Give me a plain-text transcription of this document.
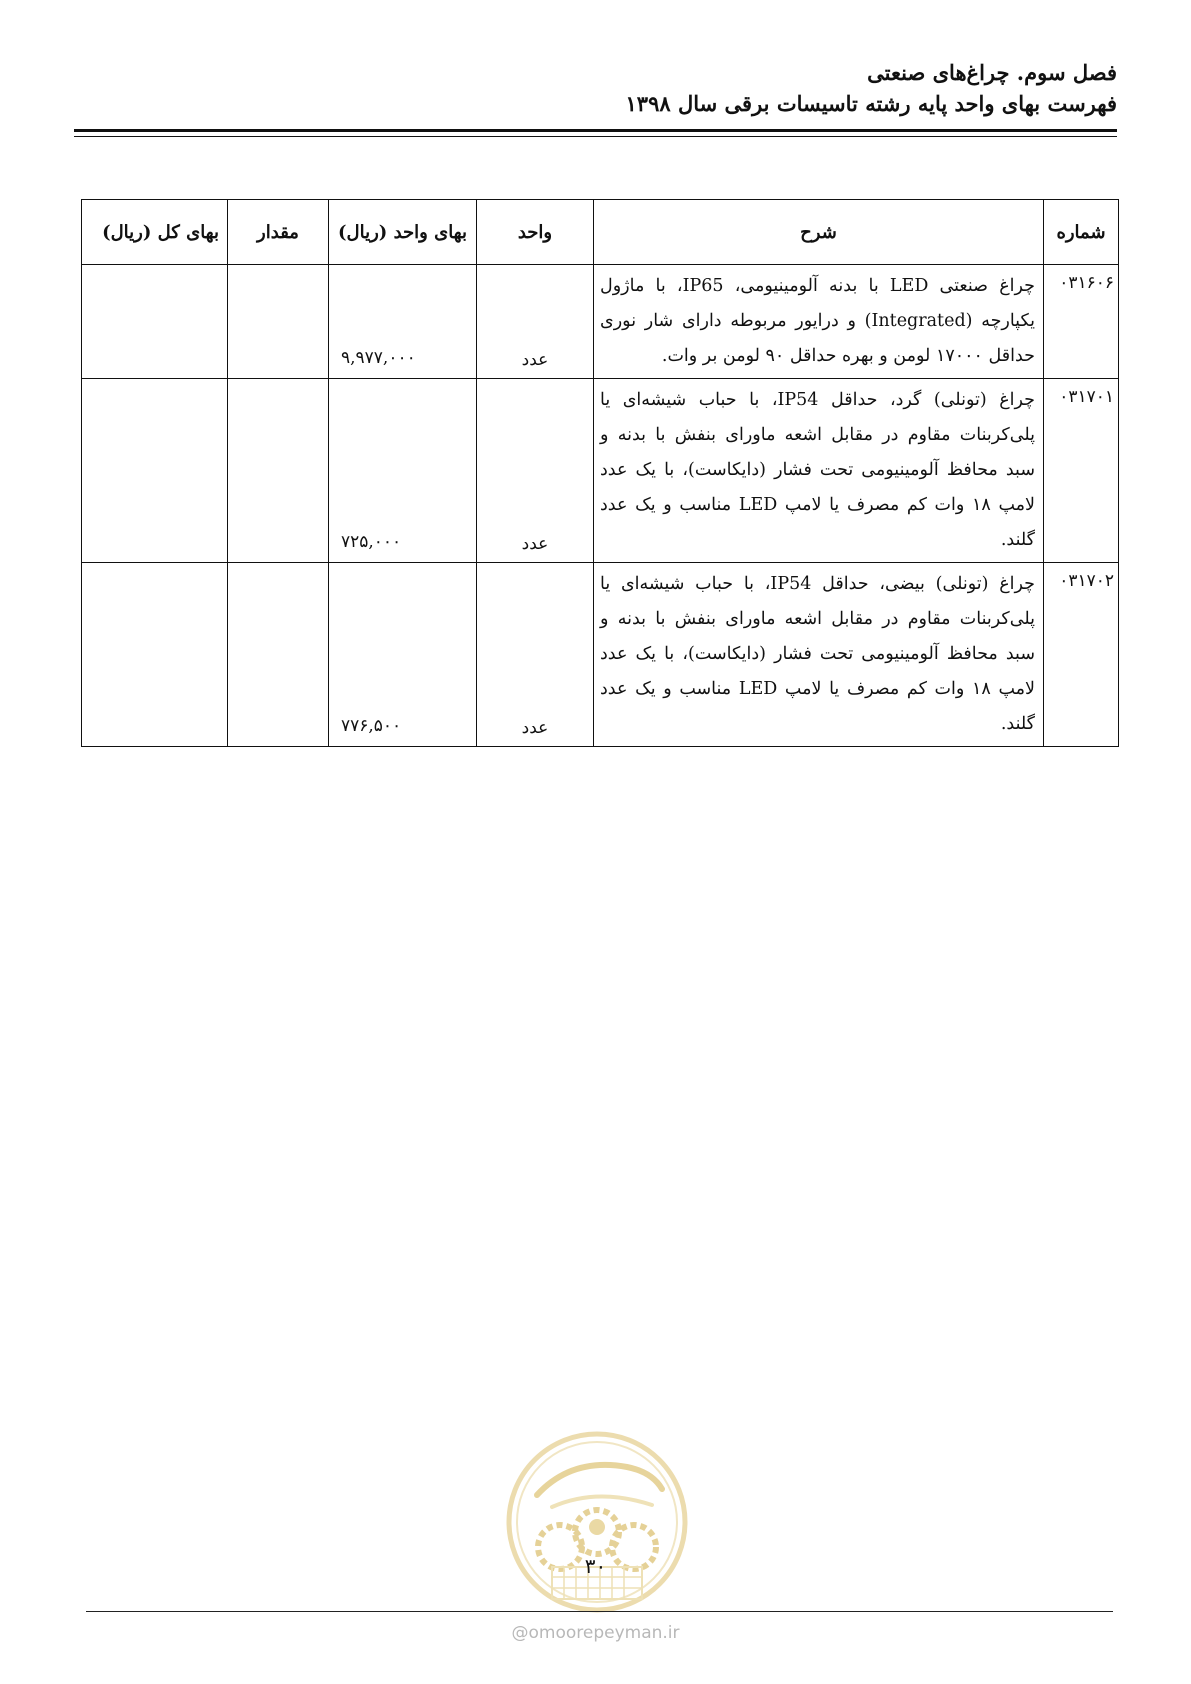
فصل سوم. چراغ‌های صنعتی
فهرست بهای واحد پایه رشته تاسیسات برقی سال ۱۳۹۸
شماره	شرح	واحد	بهای واحد (ریال)	مقدار	بهای کل (ریال)
۰۳۱۶۰۶	چراغ صنعتی LED با بدنه آلومینیومی، IP65، با ماژول یکپارچه (Integrated) و درایور مربوطه دارای شار نوری حداقل ۱۷۰۰۰ لومن و بهره حداقل ۹۰ لومن بر وات.	عدد	۹,۹۷۷,۰۰۰		
۰۳۱۷۰۱	چراغ (تونلی) گرد، حداقل IP54، با حباب شیشه‌ای یا پلی‌کربنات مقاوم در مقابل اشعه ماورای بنفش با بدنه و سبد محافظ آلومینیومی تحت فشار (دایکاست)، با یک عدد لامپ ۱۸ وات کم مصرف یا لامپ LED مناسب و یک عدد گلند.	عدد	۷۲۵,۰۰۰		
۰۳۱۷۰۲	چراغ (تونلی) بیضی، حداقل IP54، با حباب شیشه‌ای یا پلی‌کربنات مقاوم در مقابل اشعه ماورای بنفش با بدنه و سبد محافظ آلومینیومی تحت فشار (دایکاست)، با یک عدد لامپ ۱۸ وات کم مصرف یا لامپ LED مناسب و یک عدد گلند.	عدد	۷۷۶,۵۰۰		
۳۰
@omoorepeyman.ir
